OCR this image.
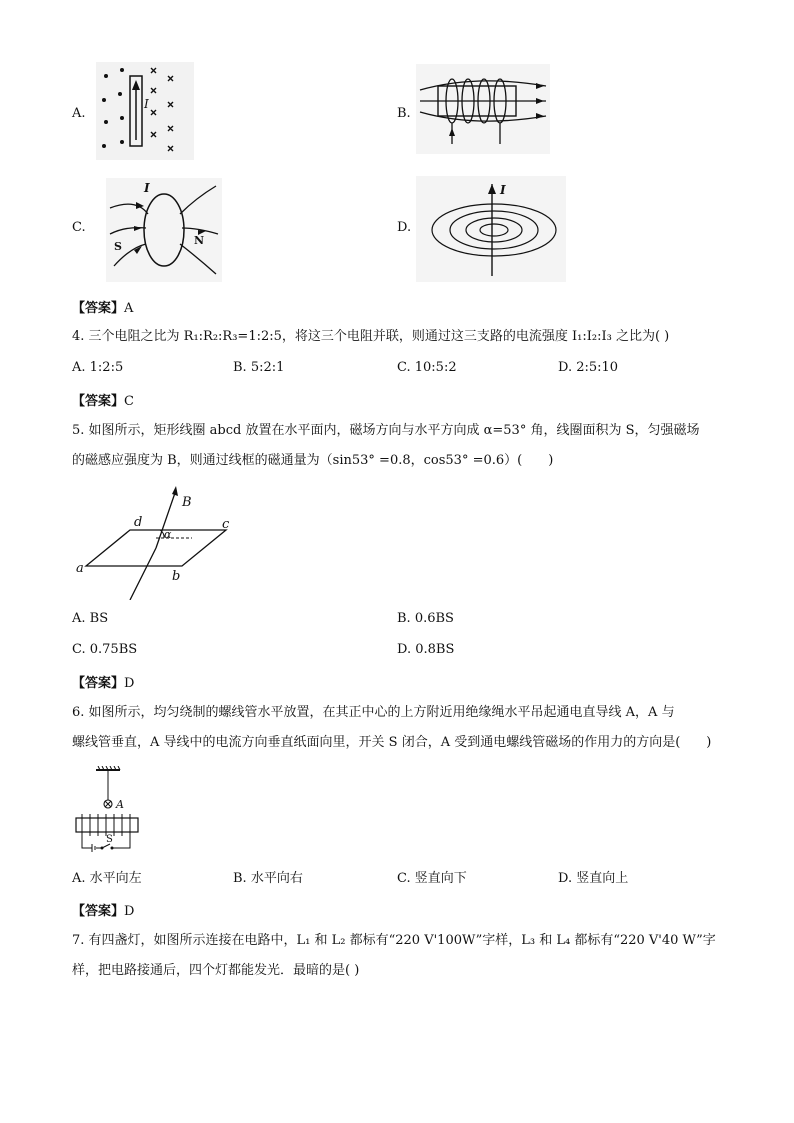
A.
I
B.
C.
I
S	N
D.
I
【答案】A
4. 三个电阻之比为 R₁:R₂:R₃=1:2:5，将这三个电阻并联，则通过这三支路的电流强度 I₁:I₂:I₃ 之比为( )
A. 1:2:5	B. 5:2:1	C. 10:5:2	D. 2:5:10
【答案】C
5. 如图所示，矩形线圈 abcd 放置在水平面内，磁场方向与水平方向成 α=53° 角，线圈面积为 S，匀强磁场
的磁感应强度为 B，则通过线框的磁通量为（sin53° =0.8，cos53° =0.6）(　　)
B
a
b
c
d
α
A. BS	B. 0.6BS
C. 0.75BS	D. 0.8BS
【答案】D
6. 如图所示，均匀绕制的螺线管水平放置，在其正中心的上方附近用绝缘绳水平吊起通电直导线 A，A 与
螺线管垂直，A 导线中的电流方向垂直纸面向里，开关 S 闭合，A 受到通电螺线管磁场的作用力的方向是(　　)
A
S
A. 水平向左	B. 水平向右	C. 竖直向下	D. 竖直向上
【答案】D
7. 有四盏灯，如图所示连接在电路中，L₁ 和 L₂ 都标有“220 V'100W”字样，L₃ 和 L₄ 都标有“220 V'40 W”字
样，把电路接通后，四个灯都能发光．最暗的是( )
